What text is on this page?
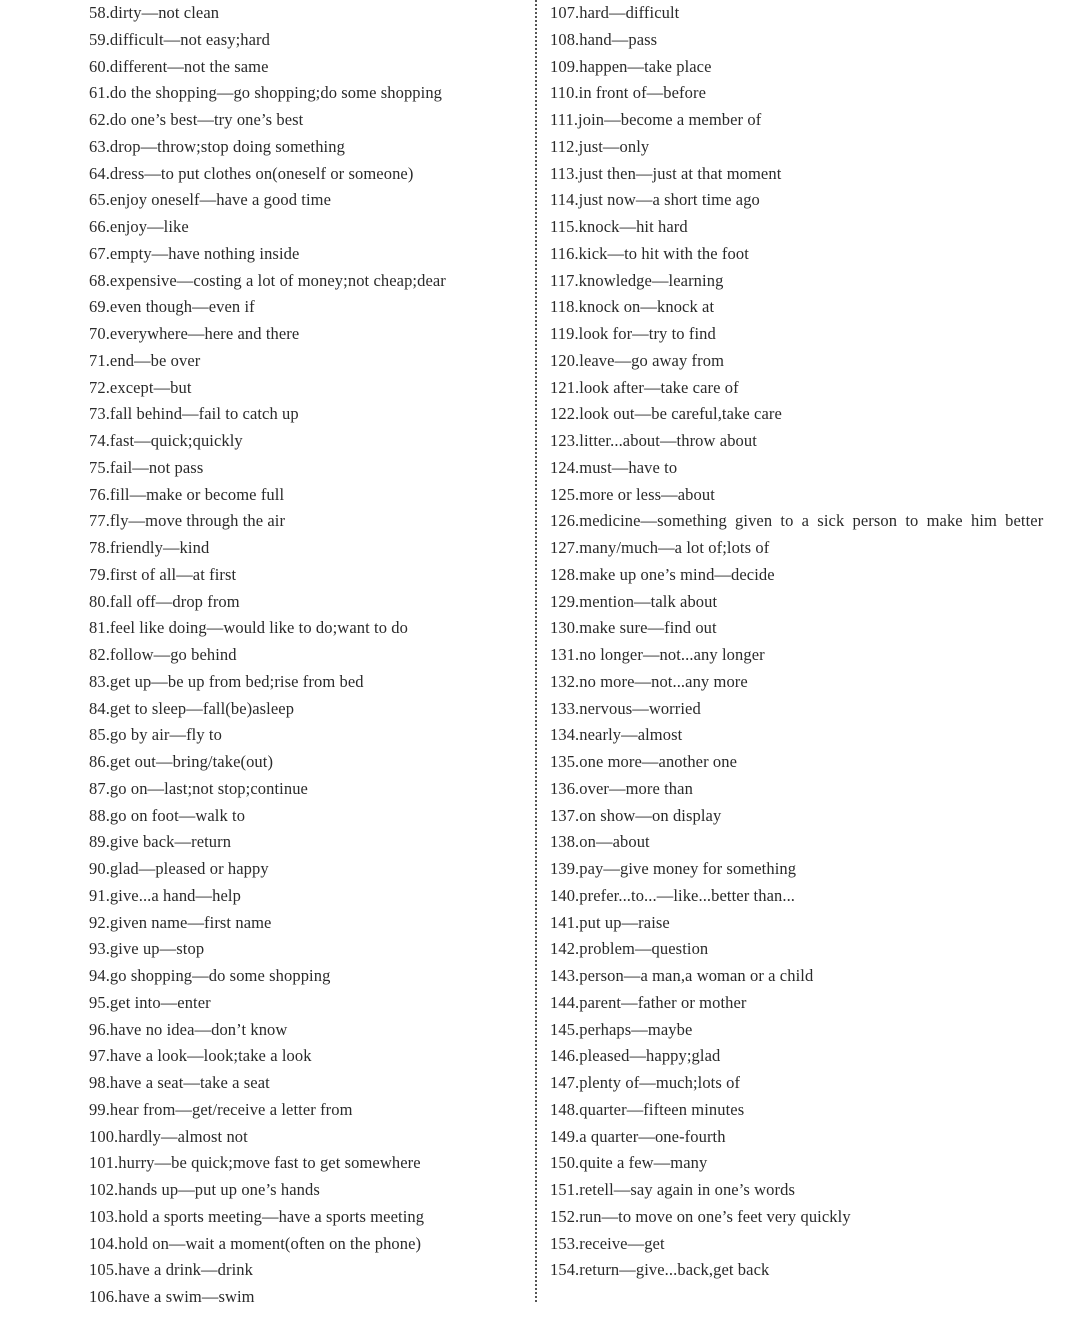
58.dirty—not clean
59.difficult—not easy;hard
60.different—not the same
61.do the shopping—go shopping;do some shopping
62.do one’s best—try one’s best
63.drop—throw;stop doing something
64.dress—to put clothes on(oneself or someone)
65.enjoy oneself—have a good time
66.enjoy—like
67.empty—have nothing inside
68.expensive—costing a lot of money;not cheap;dear
69.even though—even if
70.everywhere—here and there
71.end—be over
72.except—but
73.fall behind—fail to catch up
74.fast—quick;quickly
75.fail—not pass
76.fill—make or become full
77.fly—move through the air
78.friendly—kind
79.first of all—at first
80.fall off—drop from
81.feel like doing—would like to do;want to do
82.follow—go behind
83.get up—be up from bed;rise from bed
84.get to sleep—fall(be)asleep
85.go by air—fly to
86.get out—bring/take(out)
87.go on—last;not stop;continue
88.go on foot—walk to
89.give back—return
90.glad—pleased or happy
91.give...a hand—help
92.given name—first name
93.give up—stop
94.go shopping—do some shopping
95.get into—enter
96.have no idea—don’t know
97.have a look—look;take a look
98.have a seat—take a seat
99.hear from—get/receive a letter from
100.hardly—almost not
101.hurry—be quick;move fast to get somewhere
102.hands up—put up one’s hands
103.hold a sports meeting—have a sports meeting
104.hold on—wait a moment(often on the phone)
105.have a drink—drink
106.have a swim—swim
107.hard—difficult
108.hand—pass
109.happen—take place
110.in front of—before
111.join—become a member of
112.just—only
113.just then—just at that moment
114.just now—a short time ago
115.knock—hit hard
116.kick—to hit with the foot
117.knowledge—learning
118.knock on—knock at
119.look for—try to find
120.leave—go away from
121.look after—take care of
122.look out—be careful,take care
123.litter...about—throw about
124.must—have to
125.more or less—about
126.medicine—something given to a sick person to make him better
127.many/much—a lot of;lots of
128.make up one’s mind—decide
129.mention—talk about
130.make sure—find out
131.no longer—not...any longer
132.no more—not...any more
133.nervous—worried
134.nearly—almost
135.one more—another one
136.over—more than
137.on show—on display
138.on—about
139.pay—give money for something
140.prefer...to...—like...better than...
141.put up—raise
142.problem—question
143.person—a man,a woman or a child
144.parent—father or mother
145.perhaps—maybe
146.pleased—happy;glad
147.plenty of—much;lots of
148.quarter—fifteen minutes
149.a quarter—one-fourth
150.quite a few—many
151.retell—say again in one’s words
152.run—to move on one’s feet very quickly
153.receive—get
154.return—give...back,get back
